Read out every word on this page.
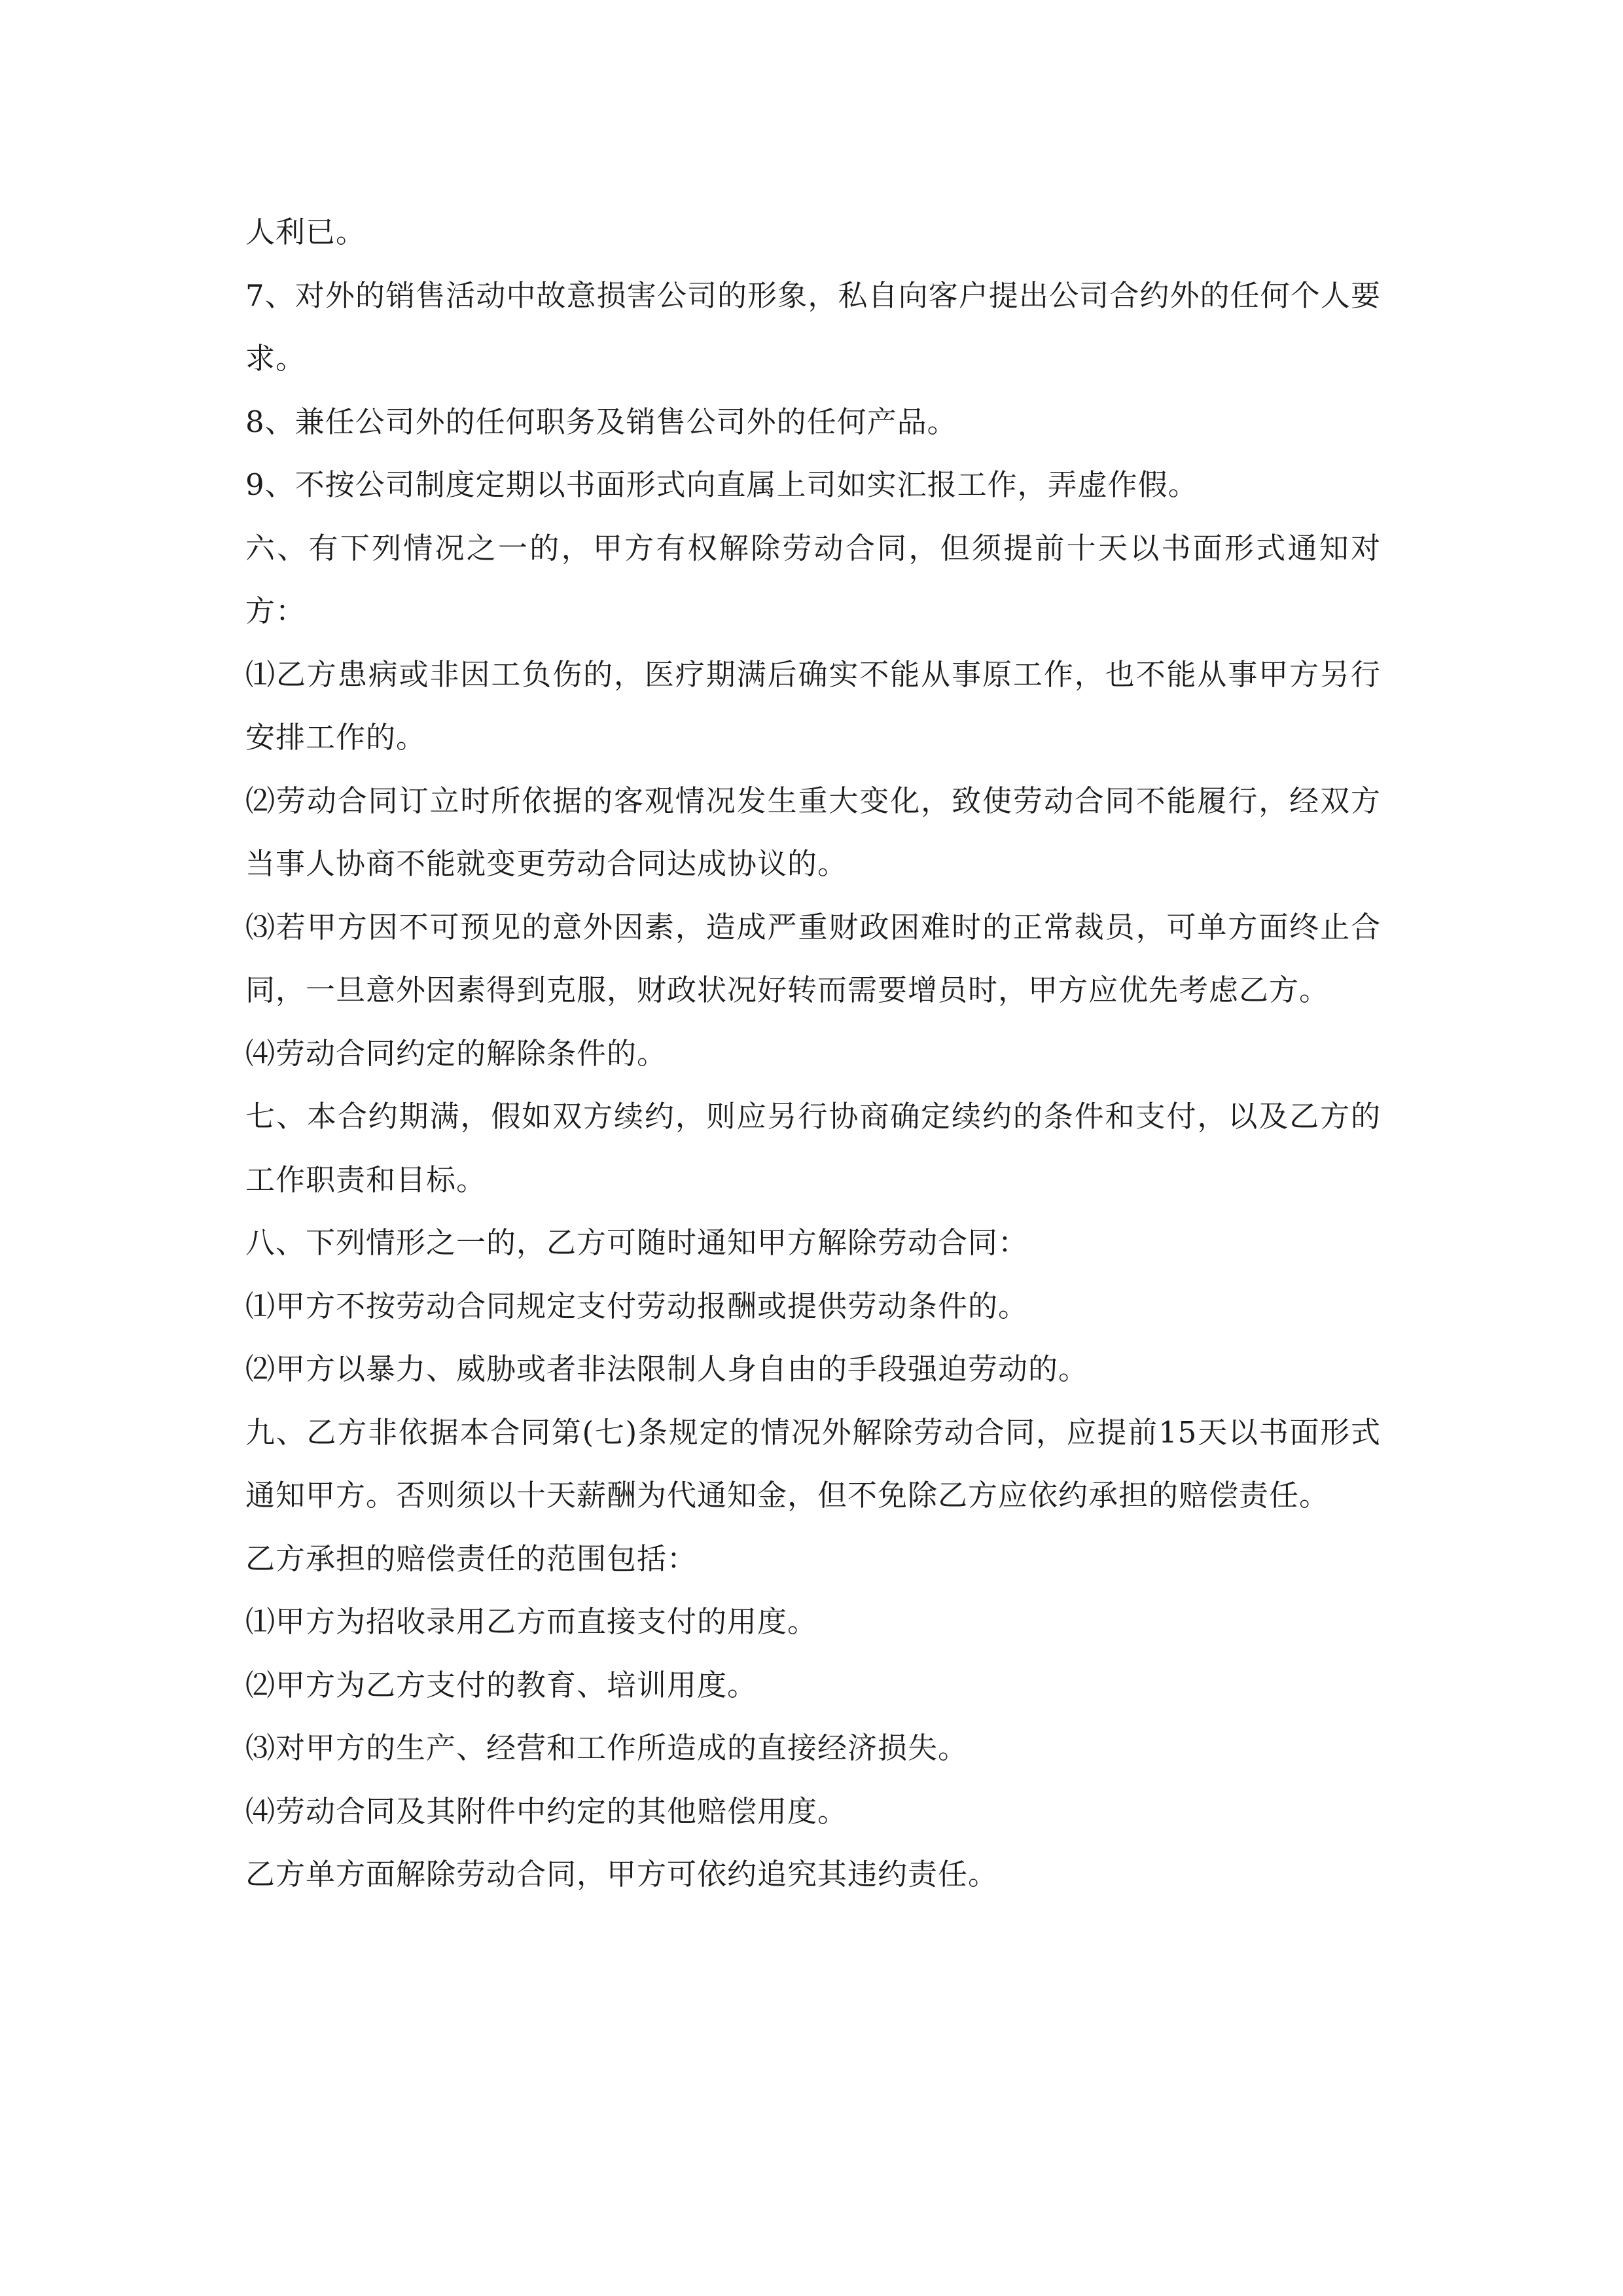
人利已。

7、对外的销售活动中故意损害公司的形象，私自向客户提出公司合约外的任何个人要求。

8、兼任公司外的任何职务及销售公司外的任何产品。

9、不按公司制度定期以书面形式向直属上司如实汇报工作，弄虚作假。

六、有下列情况之一的，甲方有权解除劳动合同，但须提前十天以书面形式通知对方：

⑴乙方患病或非因工负伤的，医疗期满后确实不能从事原工作，也不能从事甲方另行安排工作的。

⑵劳动合同订立时所依据的客观情况发生重大变化，致使劳动合同不能履行，经双方当事人协商不能就变更劳动合同达成协议的。

⑶若甲方因不可预见的意外因素，造成严重财政困难时的正常裁员，可单方面终止合同，一旦意外因素得到克服，财政状况好转而需要增员时，甲方应优先考虑乙方。

⑷劳动合同约定的解除条件的。

七、本合约期满，假如双方续约，则应另行协商确定续约的条件和支付，以及乙方的工作职责和目标。

八、下列情形之一的，乙方可随时通知甲方解除劳动合同：

⑴甲方不按劳动合同规定支付劳动报酬或提供劳动条件的。

⑵甲方以暴力、威胁或者非法限制人身自由的手段强迫劳动的。

九、乙方非依据本合同第(七)条规定的情况外解除劳动合同，应提前15天以书面形式通知甲方。否则须以十天薪酬为代通知金，但不免除乙方应依约承担的赔偿责任。

乙方承担的赔偿责任的范围包括：

⑴甲方为招收录用乙方而直接支付的用度。

⑵甲方为乙方支付的教育、培训用度。

⑶对甲方的生产、经营和工作所造成的直接经济损失。

⑷劳动合同及其附件中约定的其他赔偿用度。

乙方单方面解除劳动合同，甲方可依约追究其违约责任。
